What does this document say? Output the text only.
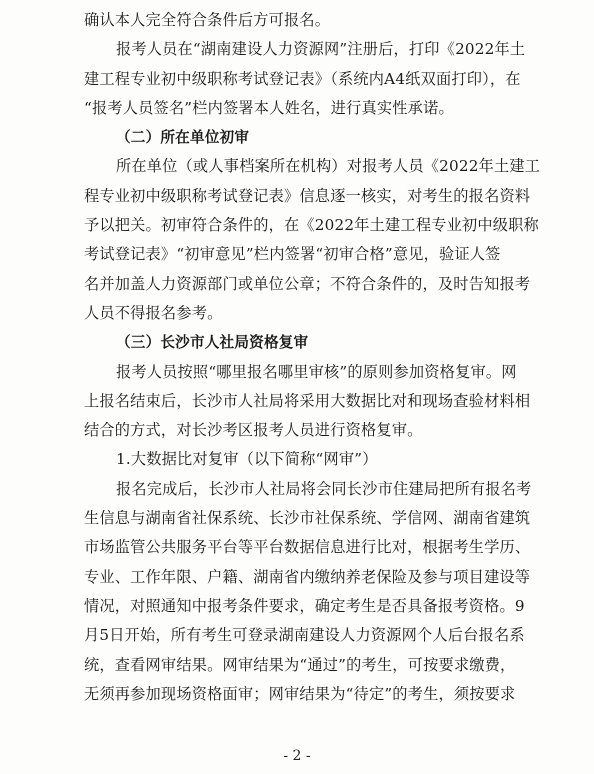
确认本人完全符合条件后方可报名。
报考人员在“湖南建设人力资源网”注册后，打印《2022年土
建工程专业初中级职称考试登记表》（系统内A4纸双面打印），在
“报考人员签名”栏内签署本人姓名，进行真实性承诺。
（二）所在单位初审
所在单位（或人事档案所在机构）对报考人员《2022年土建工
程专业初中级职称考试登记表》信息逐一核实，对考生的报名资料
予以把关。初审符合条件的，在《2022年土建工程专业初中级职称
考试登记表》“初审意见”栏内签署“初审合格”意见，验证人签
名并加盖人力资源部门或单位公章；不符合条件的，及时告知报考
人员不得报名参考。
（三）长沙市人社局资格复审
报考人员按照“哪里报名哪里审核”的原则参加资格复审。网
上报名结束后，长沙市人社局将采用大数据比对和现场查验材料相
结合的方式，对长沙考区报考人员进行资格复审。
1.大数据比对复审（以下简称“网审”）
报名完成后，长沙市人社局将会同长沙市住建局把所有报名考
生信息与湖南省社保系统、长沙市社保系统、学信网、湖南省建筑
市场监管公共服务平台等平台数据信息进行比对，根据考生学历、
专业、工作年限、户籍、湖南省内缴纳养老保险及参与项目建设等
情况，对照通知中报考条件要求，确定考生是否具备报考资格。9
月5日开始，所有考生可登录湖南建设人力资源网个人后台报名系
统，查看网审结果。网审结果为“通过”的考生，可按要求缴费，
无须再参加现场资格面审；网审结果为“待定”的考生，须按要求
- 2 -
